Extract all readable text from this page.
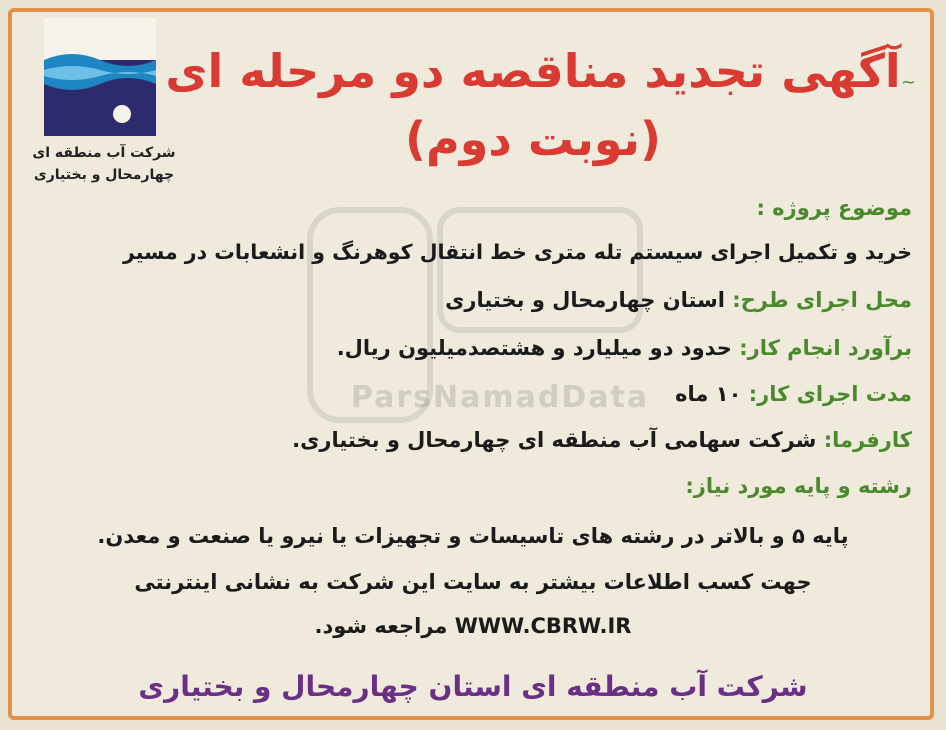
~
ParsNamadData
شرکت آب منطقه ای
چهارمحال و بختیاری
آگهی تجدید مناقصه دو مرحله ای
(نوبت دوم)
موضوع پروژه :
خرید و تکمیل اجرای سیستم تله متری خط انتقال کوهرنگ و انشعابات در مسیر
محل اجرای طرح: استان چهارمحال و بختیاری
برآورد انجام کار: حدود دو میلیارد و هشتصدمیلیون ریال.
مدت اجرای کار: ۱۰ ماه
کارفرما: شرکت سهامی آب منطقه ای چهارمحال و بختیاری.
رشته و پایه مورد نیاز:
پایه ۵ و بالاتر در رشته های تاسیسات و تجهیزات یا نیرو یا صنعت و معدن.
جهت کسب اطلاعات بیشتر به سایت این شرکت به نشانی اینترنتی
WWW.CBRW.IR مراجعه شود.
شرکت آب منطقه ای استان چهارمحال و بختیاری
